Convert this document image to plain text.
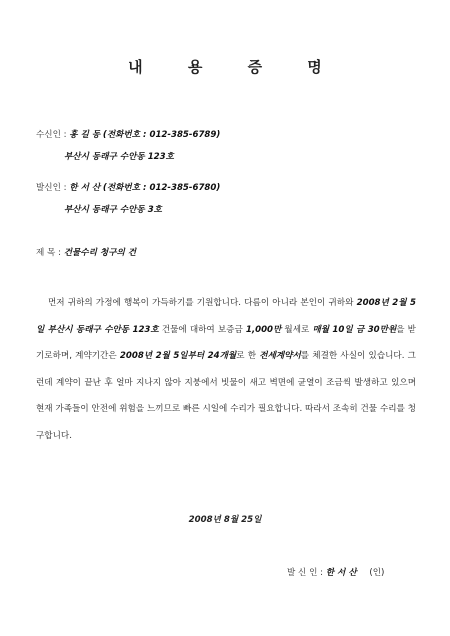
내 용 증 명
수신인 : 홍 길 동 (전화번호 : 012-385-6789)
부산시 동래구 수안동 123호
발신인 : 한 서 산 (전화번호 : 012-385-6780)
부산시 동래구 수안동 3호
제 목 : 건물수리 청구의 건
먼저 귀하의 가정에 행복이 가득하기를 기원합니다. 다름이 아니라 본인이 귀하와 2008년 2월 5일 부산시 동래구 수안동 123호 건물에 대하여 보증금 1,000만 월세로 매월 10일 금 30만원을 받기로하며, 계약기간은 2008년 2월 5일부터 24개월로 한 전세계약서를 체결한 사실이 있습니다. 그런데 계약이 끝난 후 얼마 지나지 않아 지붕에서 빗물이 새고 벽면에 균열이 조금씩 발생하고 있으며 현재 가족들이 안전에 위험을 느끼므로 빠른 시일에 수리가 필요합니다. 따라서 조속히 건물 수리를 청구합니다.
2008년 8월 25일
발 신 인 : 한 서 산 (인)
